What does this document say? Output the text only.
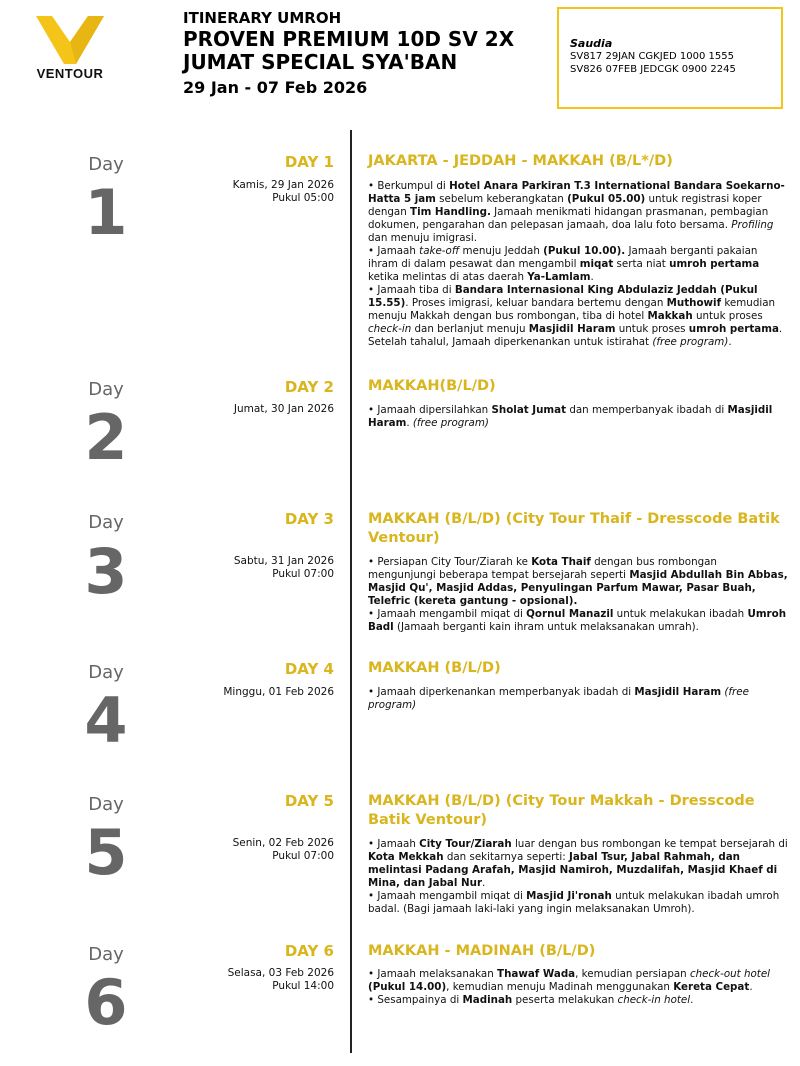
VENTOUR
ITINERARY UMROH
PROVEN PREMIUM 10D SV 2X
JUMAT SPECIAL SYA'BAN
29 Jan - 07 Feb 2026
Saudia
SV817 29JAN CGKJED 1000 1555
SV826 07FEB JEDCGK 0900 2245
Day
1
DAY 1
Kamis, 29 Jan 2026
Pukul 05:00
JAKARTA - JEDDAH - MAKKAH (B/L*/D)

• Berkumpul di Hotel Anara Parkiran T.3 International Bandara Soekarno-Hatta 5 jam sebelum keberangkatan (Pukul 05.00) untuk registrasi koper dengan Tim Handling. Jamaah menikmati hidangan prasmanan, pembagian dokumen, pengarahan dan pelepasan jamaah, doa lalu foto bersama. Profiling dan menuju imigrasi.

• Jamaah take-off menuju Jeddah (Pukul 10.00). Jamaah berganti pakaian ihram di dalam pesawat dan mengambil miqat serta niat umroh pertama ketika melintas di atas daerah Ya-Lamlam.

• Jamaah tiba di Bandara Internasional King Abdulaziz Jeddah (Pukul 15.55). Proses imigrasi, keluar bandara bertemu dengan Muthowif kemudian menuju Makkah dengan bus rombongan, tiba di hotel Makkah untuk proses check-in dan berlanjut menuju Masjidil Haram untuk proses umroh pertama. Setelah tahalul, Jamaah diperkenankan untuk istirahat (free program).

Day
2
DAY 2
Jumat, 30 Jan 2026
MAKKAH(B/L/D)

• Jamaah dipersilahkan Sholat Jumat dan memperbanyak ibadah di Masjidil Haram. (free program)

Day
3
DAY 3
Sabtu, 31 Jan 2026
Pukul 07:00
MAKKAH (B/L/D) (City Tour Thaif - Dresscode Batik Ventour)

• Persiapan City Tour/Ziarah ke Kota Thaif dengan bus rombongan mengunjungi beberapa tempat bersejarah seperti Masjid Abdullah Bin Abbas, Masjid Qu', Masjid Addas, Penyulingan Parfum Mawar, Pasar Buah, Telefric (kereta gantung - opsional).

• Jamaah mengambil miqat di Qornul Manazil untuk melakukan ibadah Umroh Badl (Jamaah berganti kain ihram untuk melaksanakan umrah).

Day
4
DAY 4
Minggu, 01 Feb 2026
MAKKAH (B/L/D)

• Jamaah diperkenankan memperbanyak ibadah di Masjidil Haram (free program)

Day
5
DAY 5
Senin, 02 Feb 2026
Pukul 07:00
MAKKAH (B/L/D) (City Tour Makkah - Dresscode Batik Ventour)

• Jamaah City Tour/Ziarah luar dengan bus rombongan ke tempat bersejarah di Kota Mekkah dan sekitarnya seperti: Jabal Tsur, Jabal Rahmah, dan melintasi Padang Arafah, Masjid Namiroh, Muzdalifah, Masjid Khaef di Mina, dan Jabal Nur.

• Jamaah mengambil miqat di Masjid Ji'ronah untuk melakukan ibadah umroh badal. (Bagi jamaah laki-laki yang ingin melaksanakan Umroh).

Day
6
DAY 6
Selasa, 03 Feb 2026
Pukul 14:00
MAKKAH - MADINAH (B/L/D)

• Jamaah melaksanakan Thawaf Wada, kemudian persiapan check-out hotel (Pukul 14.00), kemudian menuju Madinah menggunakan Kereta Cepat.

• Sesampainya di Madinah peserta melakukan check-in hotel.
